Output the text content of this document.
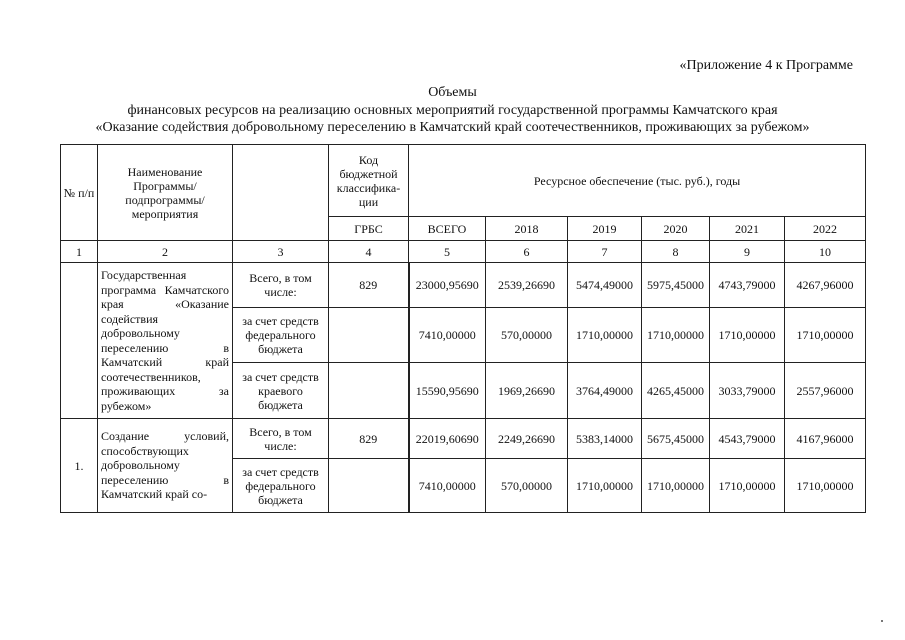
«Приложение 4 к Программе
Объемы
финансовых ресурсов на реализацию основных мероприятий государственной программы Камчатского края
«Оказание содействия добровольному переселению в Камчатский край соотечественников, проживающих за рубежом»
№ п/п	Наименование Программы/ подпрограммы/ мероприятия		Код бюджетной классифика-ции	Ресурсное обеспечение (тыс. руб.), годы					
			ГРБС	ВСЕГО	2018	2019	2020	2021	2022
1	2	3	4	5	6	7	8	9	10
	Государственная программа Камчатского края «Оказание содействия добровольному переселению в Камчатский край соотечественников, проживающих за рубежом»	Всего, в том числе:	829	23000,95690	2539,26690	5474,49000	5975,45000	4743,79000	4267,96000
		за счет средств федерального бюджета		7410,00000	570,00000	1710,00000	1710,00000	1710,00000	1710,00000
		за счет средств краевого бюджета		15590,95690	1969,26690	3764,49000	4265,45000	3033,79000	2557,96000
1.	Создание условий, способствующих добровольному переселению в Камчатский край со-	Всего, в том числе:	829	22019,60690	2249,26690	5383,14000	5675,45000	4543,79000	4167,96000
		за счет средств федерального бюджета		7410,00000	570,00000	1710,00000	1710,00000	1710,00000	1710,00000
